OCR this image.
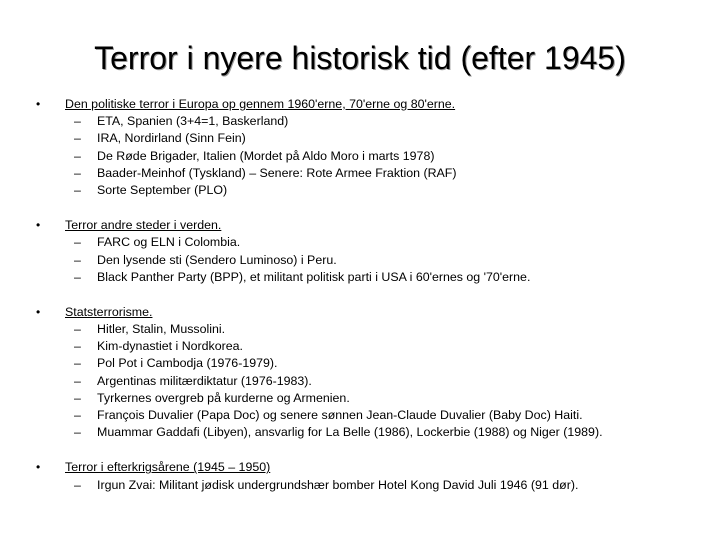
Terror i nyere historisk tid (efter 1945)
• Den politiske terror i Europa op gennem 1960'erne, 70'erne og 80'erne.
– ETA, Spanien (3+4=1, Baskerland)
– IRA, Nordirland (Sinn Fein)
– De Røde Brigader, Italien (Mordet på Aldo Moro i marts 1978)
– Baader-Meinhof (Tyskland) – Senere: Rote Armee Fraktion (RAF)
– Sorte September (PLO)
• Terror andre steder i verden.
– FARC og ELN i Colombia.
– Den lysende sti (Sendero Luminoso) i Peru.
– Black Panther Party (BPP), et militant politisk parti i USA i 60'ernes og '70'erne.
• Statsterrorisme.
– Hitler, Stalin, Mussolini.
– Kim-dynastiet i Nordkorea.
– Pol Pot i Cambodja (1976-1979).
– Argentinas militærdiktatur (1976-1983).
– Tyrkernes overgreb på kurderne og Armenien.
– François Duvalier (Papa Doc) og senere sønnen Jean-Claude Duvalier (Baby Doc) Haiti.
– Muammar Gaddafi (Libyen), ansvarlig for La Belle (1986), Lockerbie (1988) og Niger (1989).
• Terror i efterkrigsårene (1945 – 1950)
– Irgun Zvai: Militant jødisk undergrundshær bomber Hotel Kong David Juli 1946 (91 dør).
